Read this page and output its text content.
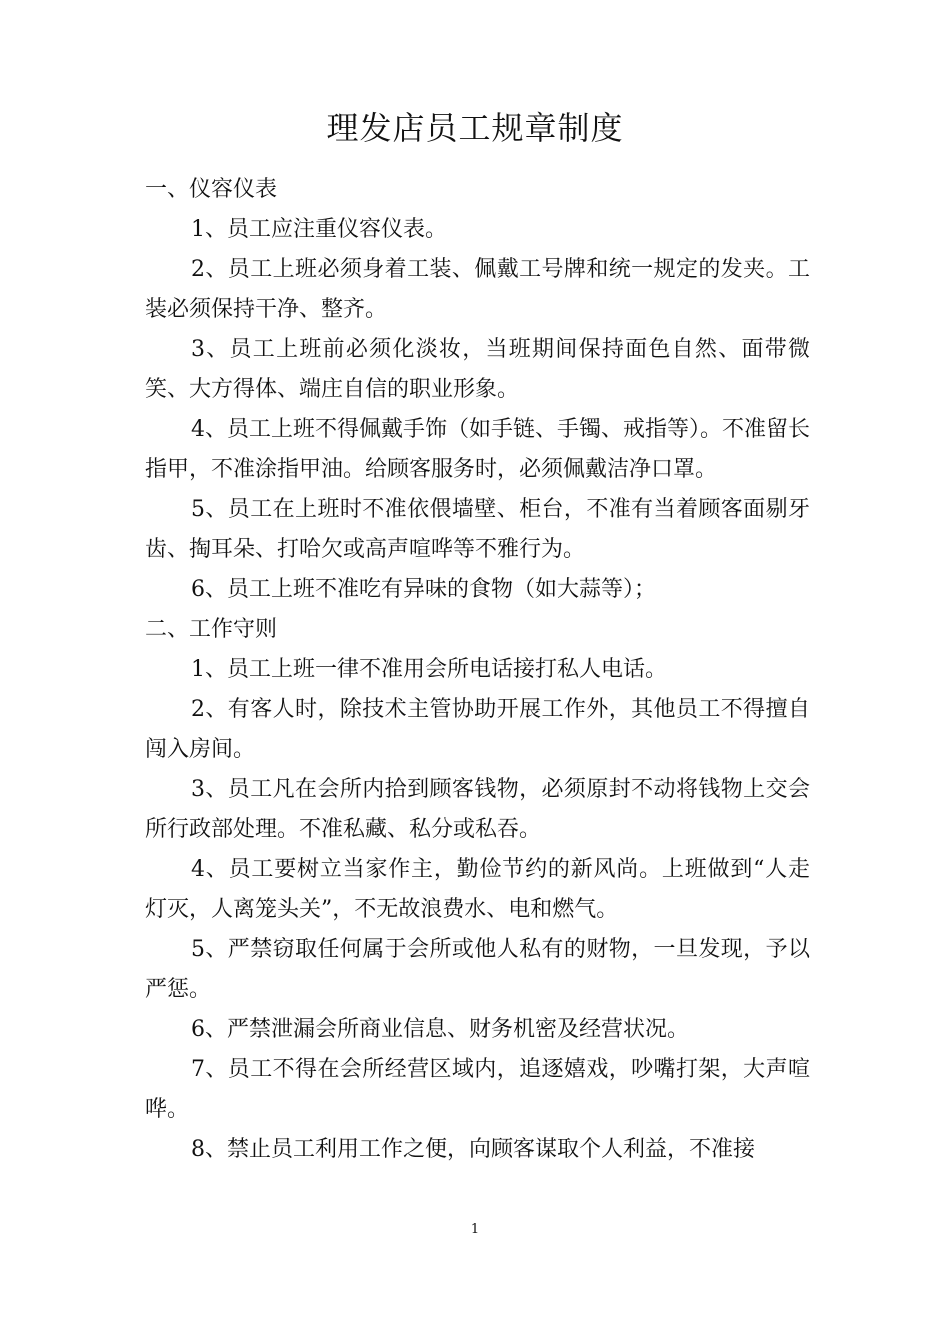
理发店员工规章制度

一、仪容仪表

1、员工应注重仪容仪表。

2、员工上班必须身着工装、佩戴工号牌和统一规定的发夹。工装必须保持干净、整齐。

3、员工上班前必须化淡妆，当班期间保持面色自然、面带微笑、大方得体、端庄自信的职业形象。

4、员工上班不得佩戴手饰（如手链、手镯、戒指等）。不准留长指甲，不准涂指甲油。给顾客服务时，必须佩戴洁净口罩。

5、员工在上班时不准依偎墙壁、柜台，不准有当着顾客面剔牙齿、掏耳朵、打哈欠或高声喧哗等不雅行为。

6、员工上班不准吃有异味的食物（如大蒜等）；

二、工作守则

1、员工上班一律不准用会所电话接打私人电话。

2、有客人时，除技术主管协助开展工作外，其他员工不得擅自闯入房间。

3、员工凡在会所内拾到顾客钱物，必须原封不动将钱物上交会所行政部处理。不准私藏、私分或私吞。

4、员工要树立当家作主，勤俭节约的新风尚。上班做到“人走灯灭，人离笼头关”，不无故浪费水、电和燃气。

5、严禁窃取任何属于会所或他人私有的财物，一旦发现，予以严惩。

6、严禁泄漏会所商业信息、财务机密及经营状况。

7、员工不得在会所经营区域内，追逐嬉戏，吵嘴打架，大声喧哗。

8、禁止员工利用工作之便，向顾客谋取个人利益，不准接

1
